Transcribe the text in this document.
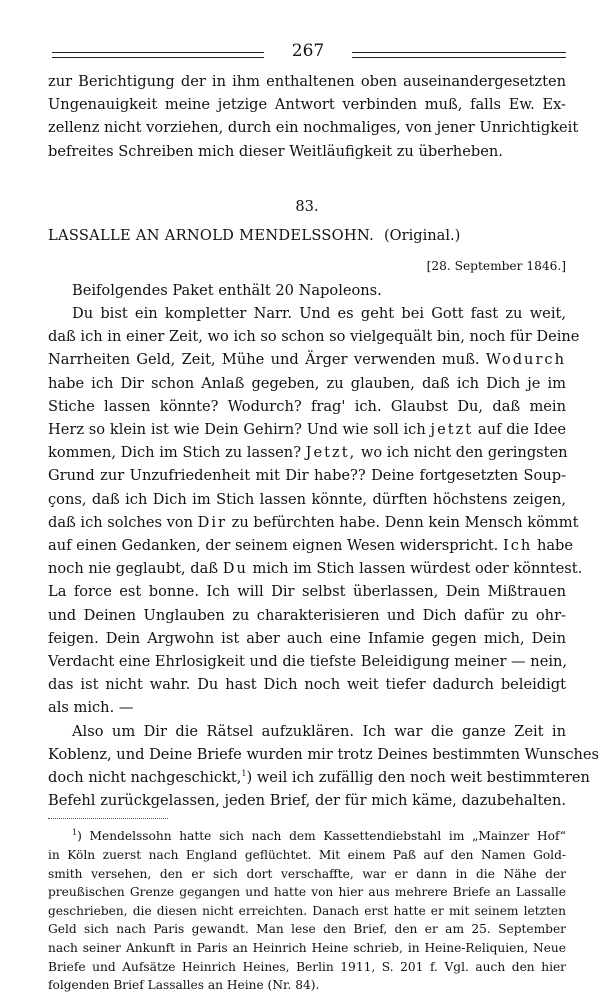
267
zur Berichtigung der in ihm enthaltenen oben auseinandergesetzten
Ungenauigkeit meine jetzige Antwort verbinden muß, falls Ew. Ex-
zellenz nicht vorziehen, durch ein nochmaliges, von jener Unrichtigkeit
befreites Schreiben mich dieser Weitläufigkeit zu überheben.
83.
LASSALLE AN ARNOLD MENDELSSOHN. (Original.)
[28. September 1846.]
Beifolgendes Paket enthält 20 Napoleons.
Du bist ein kompletter Narr. Und es geht bei Gott fast zu weit,
daß ich in einer Zeit, wo ich so schon so vielgequält bin, noch für Deine
Narrheiten Geld, Zeit, Mühe und Ärger verwenden muß. Wodurch
habe ich Dir schon Anlaß gegeben, zu glauben, daß ich Dich je im
Stiche lassen könnte? Wodurch? frag' ich. Glaubst Du, daß mein
Herz so klein ist wie Dein Gehirn? Und wie soll ich jetzt auf die Idee
kommen, Dich im Stich zu lassen? Jetzt, wo ich nicht den geringsten
Grund zur Unzufriedenheit mit Dir habe?? Deine fortgesetzten Soup-
çons, daß ich Dich im Stich lassen könnte, dürften höchstens zeigen,
daß ich solches von Dir zu befürchten habe. Denn kein Mensch kömmt
auf einen Gedanken, der seinem eignen Wesen widerspricht. Ich habe
noch nie geglaubt, daß Du mich im Stich lassen würdest oder könntest.
La force est bonne. Ich will Dir selbst überlassen, Dein Mißtrauen
und Deinen Unglauben zu charakterisieren und Dich dafür zu ohr-
feigen. Dein Argwohn ist aber auch eine Infamie gegen mich, Dein
Verdacht eine Ehrlosigkeit und die tiefste Beleidigung meiner — nein,
das ist nicht wahr. Du hast Dich noch weit tiefer dadurch beleidigt
als mich. —
Also um Dir die Rätsel aufzuklären. Ich war die ganze Zeit in
Koblenz, und Deine Briefe wurden mir trotz Deines bestimmten Wunsches
doch nicht nachgeschickt,$^1$) weil ich zufällig den noch weit bestimmteren
Befehl zurückgelassen, jeden Brief, der für mich käme, dazubehalten.
$^1$) Mendelssohn hatte sich nach dem Kassettendiebstahl im „Mainzer Hof“
in Köln zuerst nach England geflüchtet. Mit einem Paß auf den Namen Gold-
smith versehen, den er sich dort verschaffte, war er dann in die Nähe der
preußischen Grenze gegangen und hatte von hier aus mehrere Briefe an Lassalle
geschrieben, die diesen nicht erreichten. Danach erst hatte er mit seinem letzten
Geld sich nach Paris gewandt. Man lese den Brief, den er am 25. September
nach seiner Ankunft in Paris an Heinrich Heine schrieb, in Heine-Reliquien, Neue
Briefe und Aufsätze Heinrich Heines, Berlin 1911, S. 201 f. Vgl. auch den hier
folgenden Brief Lassalles an Heine (Nr. 84).
